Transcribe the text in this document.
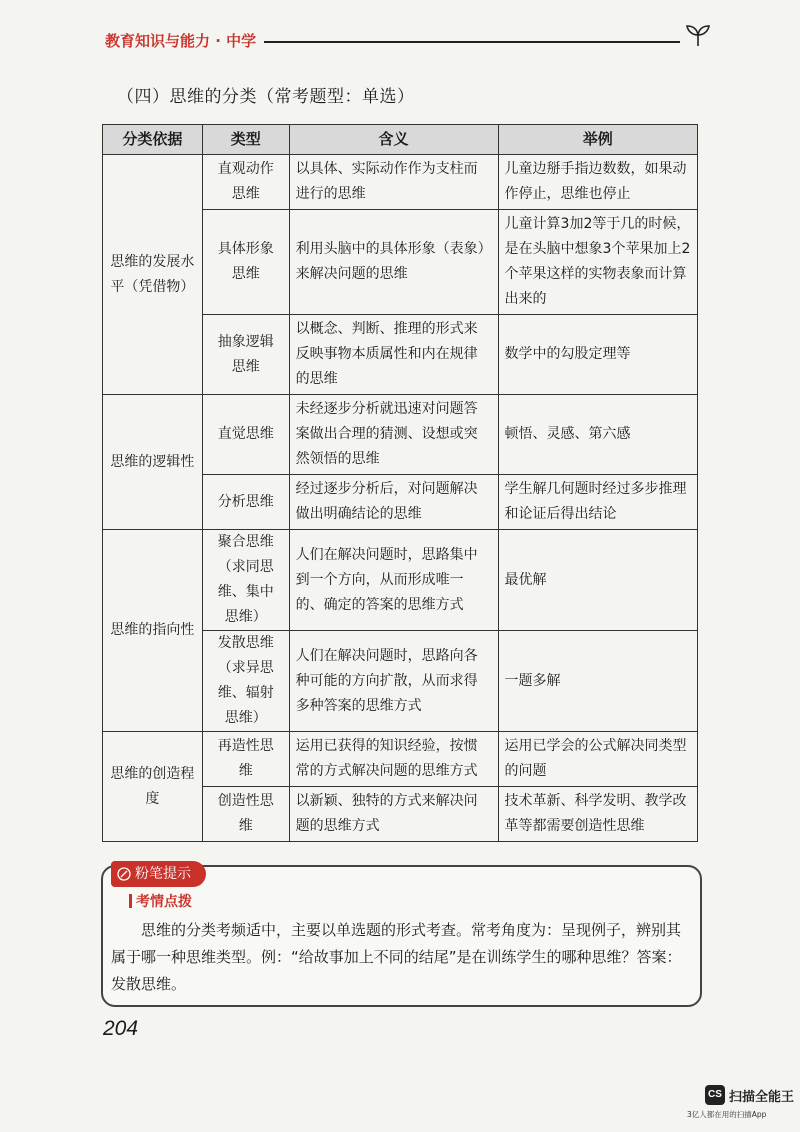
教育知识与能力 · 中学
（四）思维的分类（常考题型：单选）
分类依据	类型	含义	举例
思维的发展水平（凭借物）	直观动作思维	以具体、实际动作作为支柱而进行的思维	儿童边掰手指边数数，如果动作停止，思维也停止
	具体形象思维	利用头脑中的具体形象（表象）来解决问题的思维	儿童计算3加2等于几的时候，是在头脑中想象3个苹果加上2个苹果这样的实物表象而计算出来的
	抽象逻辑思维	以概念、判断、推理的形式来反映事物本质属性和内在规律的思维	数学中的勾股定理等
思维的逻辑性	直觉思维	未经逐步分析就迅速对问题答案做出合理的猜测、设想或突然领悟的思维	顿悟、灵感、第六感
	分析思维	经过逐步分析后，对问题解决做出明确结论的思维	学生解几何题时经过多步推理和论证后得出结论
思维的指向性	聚合思维（求同思维、集中思维）	人们在解决问题时，思路集中到一个方向，从而形成唯一的、确定的答案的思维方式	最优解
	发散思维（求异思维、辐射思维）	人们在解决问题时，思路向各种可能的方向扩散，从而求得多种答案的思维方式	一题多解
思维的创造程度	再造性思维	运用已获得的知识经验，按惯常的方式解决问题的思维方式	运用已学会的公式解决同类型的问题
	创造性思维	以新颖、独特的方式来解决问题的思维方式	技术革新、科学发明、教学改革等都需要创造性思维
粉笔提示
考情点拨
思维的分类考频适中，主要以单选题的形式考查。常考角度为：呈现例子，辨别其属于哪一种思维类型。例：“给故事加上不同的结尾”是在训练学生的哪种思维？答案：发散思维。
204
CS 扫描全能王
3亿人都在用的扫描App
